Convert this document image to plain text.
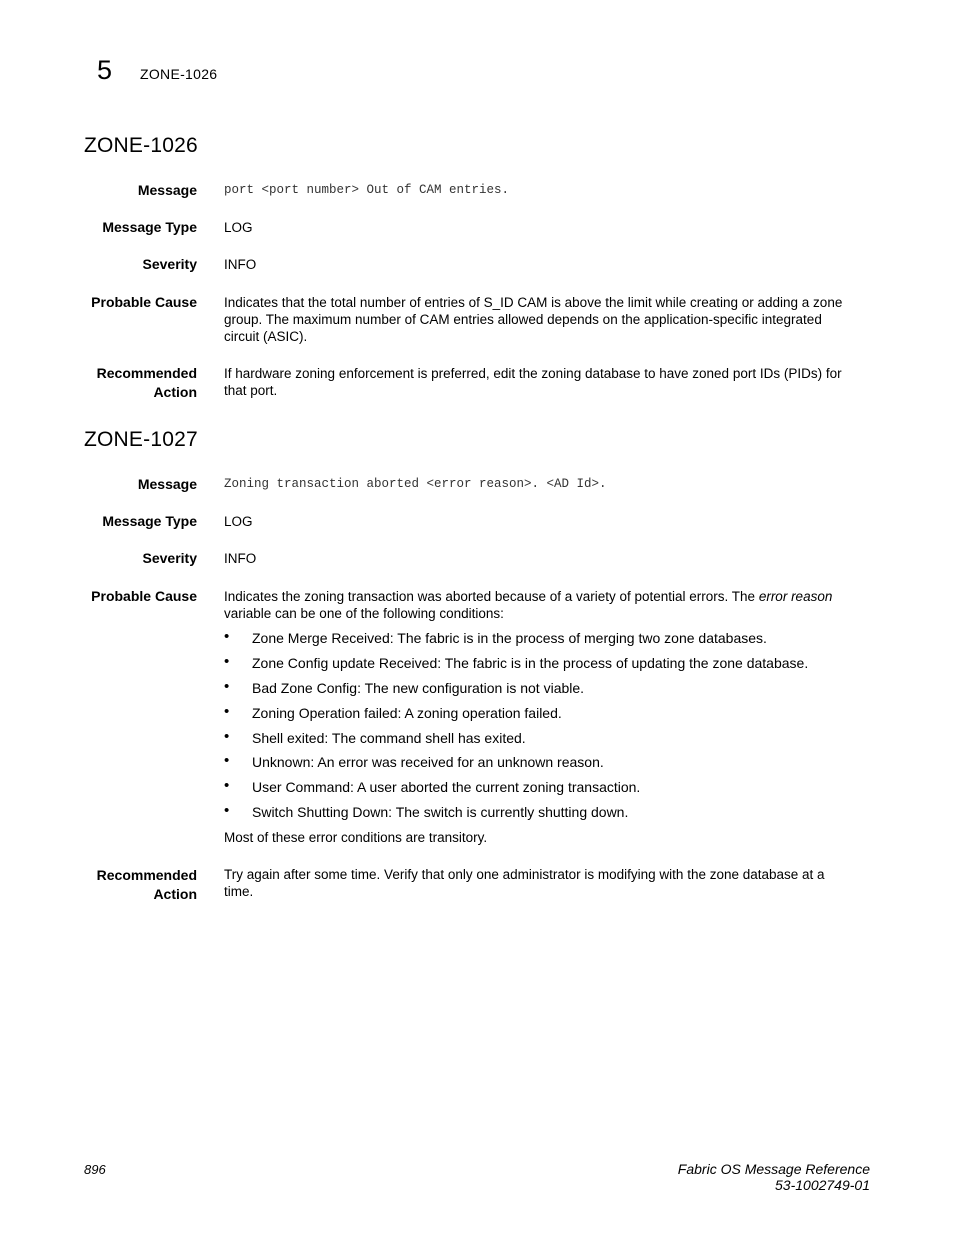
5 ZONE-1026
ZONE-1026
Message port <port number> Out of CAM entries.
Message Type LOG
Severity INFO
Probable Cause Indicates that the total number of entries of S_ID CAM is above the limit while creating or adding a zone
group. The maximum number of CAM entries allowed depends on the application-specific integrated
circuit (ASIC).
Recommended
Action
If hardware zoning enforcement is preferred, edit the zoning database to have zoned port IDs (PIDs) for
that port.
ZONE-1027
Message Zoning transaction aborted <error reason>. <AD Id>.
Message Type LOG
Severity INFO
Probable Cause Indicates the zoning transaction was aborted because of a variety of potential errors. The error reason
variable can be one of the following conditions:
• Zone Merge Received: The fabric is in the process of merging two zone databases.
• Zone Config update Received: The fabric is in the process of updating the zone database.
• Bad Zone Config: The new configuration is not viable.
• Zoning Operation failed: A zoning operation failed.
• Shell exited: The command shell has exited.
• Unknown: An error was received for an unknown reason.
• User Command: A user aborted the current zoning transaction.
• Switch Shutting Down: The switch is currently shutting down.
Most of these error conditions are transitory.
Recommended
Action
Try again after some time. Verify that only one administrator is modifying with the zone database at a
time.
896	Fabric OS Message Reference
53-1002749-01
